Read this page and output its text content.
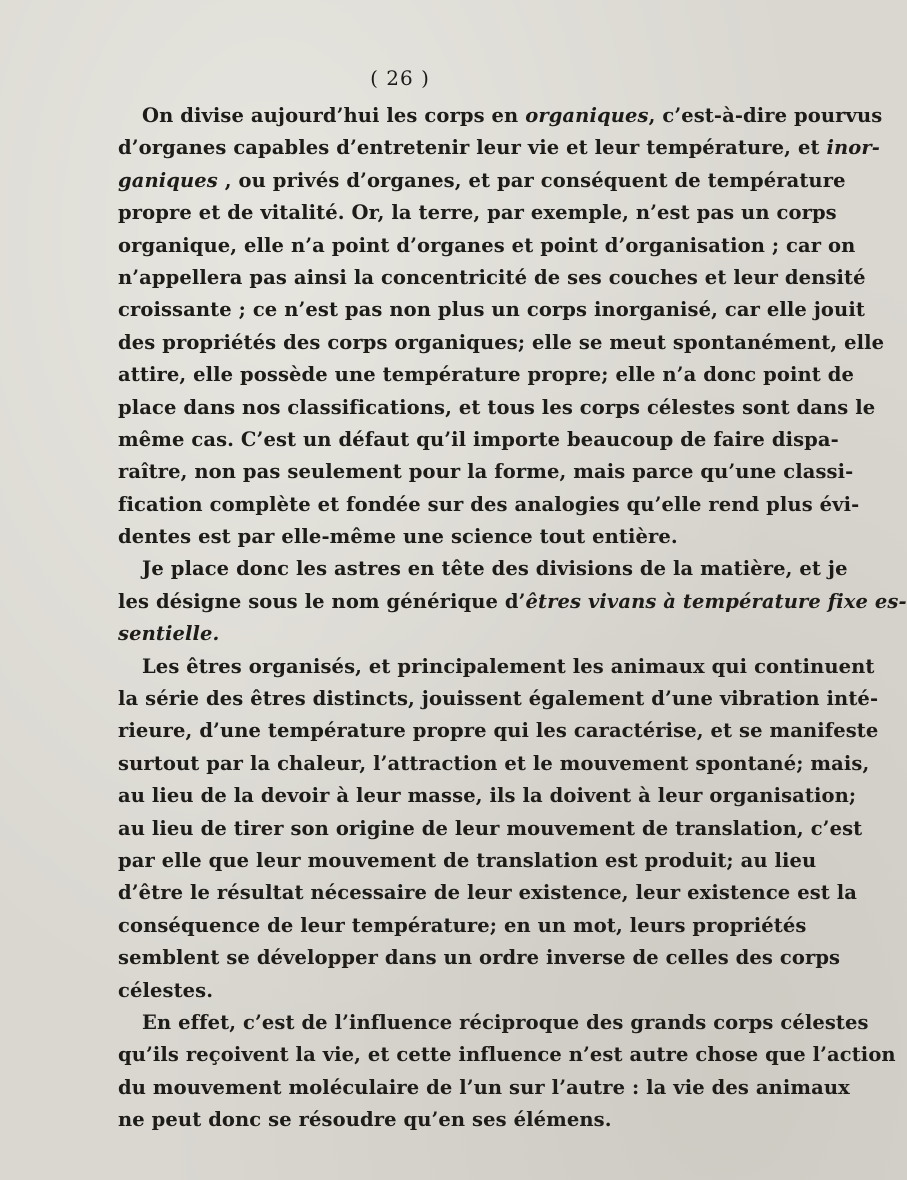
( 26 )
On divise aujourd’hui les corps en organiques, c’est-à-dire pourvus
d’organes capables d’entretenir leur vie et leur température, et inor-
ganiques , ou privés d’organes, et par conséquent de température
propre et de vitalité. Or, la terre, par exemple, n’est pas un corps
organique, elle n’a point d’organes et point d’organisation ; car on
n’appellera pas ainsi la concentricité de ses couches et leur densité
croissante ; ce n’est pas non plus un corps inorganisé, car elle jouit
des propriétés des corps organiques; elle se meut spontanément, elle
attire, elle possède une température propre; elle n’a donc point de
place dans nos classifications, et tous les corps célestes sont dans le
même cas. C’est un défaut qu’il importe beaucoup de faire dispa-
raître, non pas seulement pour la forme, mais parce qu’une classi-
fication complète et fondée sur des analogies qu’elle rend plus évi-
dentes est par elle-même une science tout entière.
Je place donc les astres en tête des divisions de la matière, et je
les désigne sous le nom générique d’êtres vivans à température fixe es-
sentielle.
Les êtres organisés, et principalement les animaux qui continuent
la série des êtres distincts, jouissent également d’une vibration inté-
rieure, d’une température propre qui les caractérise, et se manifeste
surtout par la chaleur, l’attraction et le mouvement spontané; mais,
au lieu de la devoir à leur masse, ils la doivent à leur organisation;
au lieu de tirer son origine de leur mouvement de translation, c’est
par elle que leur mouvement de translation est produit; au lieu
d’être le résultat nécessaire de leur existence, leur existence est la
conséquence de leur température; en un mot, leurs propriétés
semblent se développer dans un ordre inverse de celles des corps
célestes.
En effet, c’est de l’influence réciproque des grands corps célestes
qu’ils reçoivent la vie, et cette influence n’est autre chose que l’action
du mouvement moléculaire de l’un sur l’autre : la vie des animaux
ne peut donc se résoudre qu’en ses élémens.
